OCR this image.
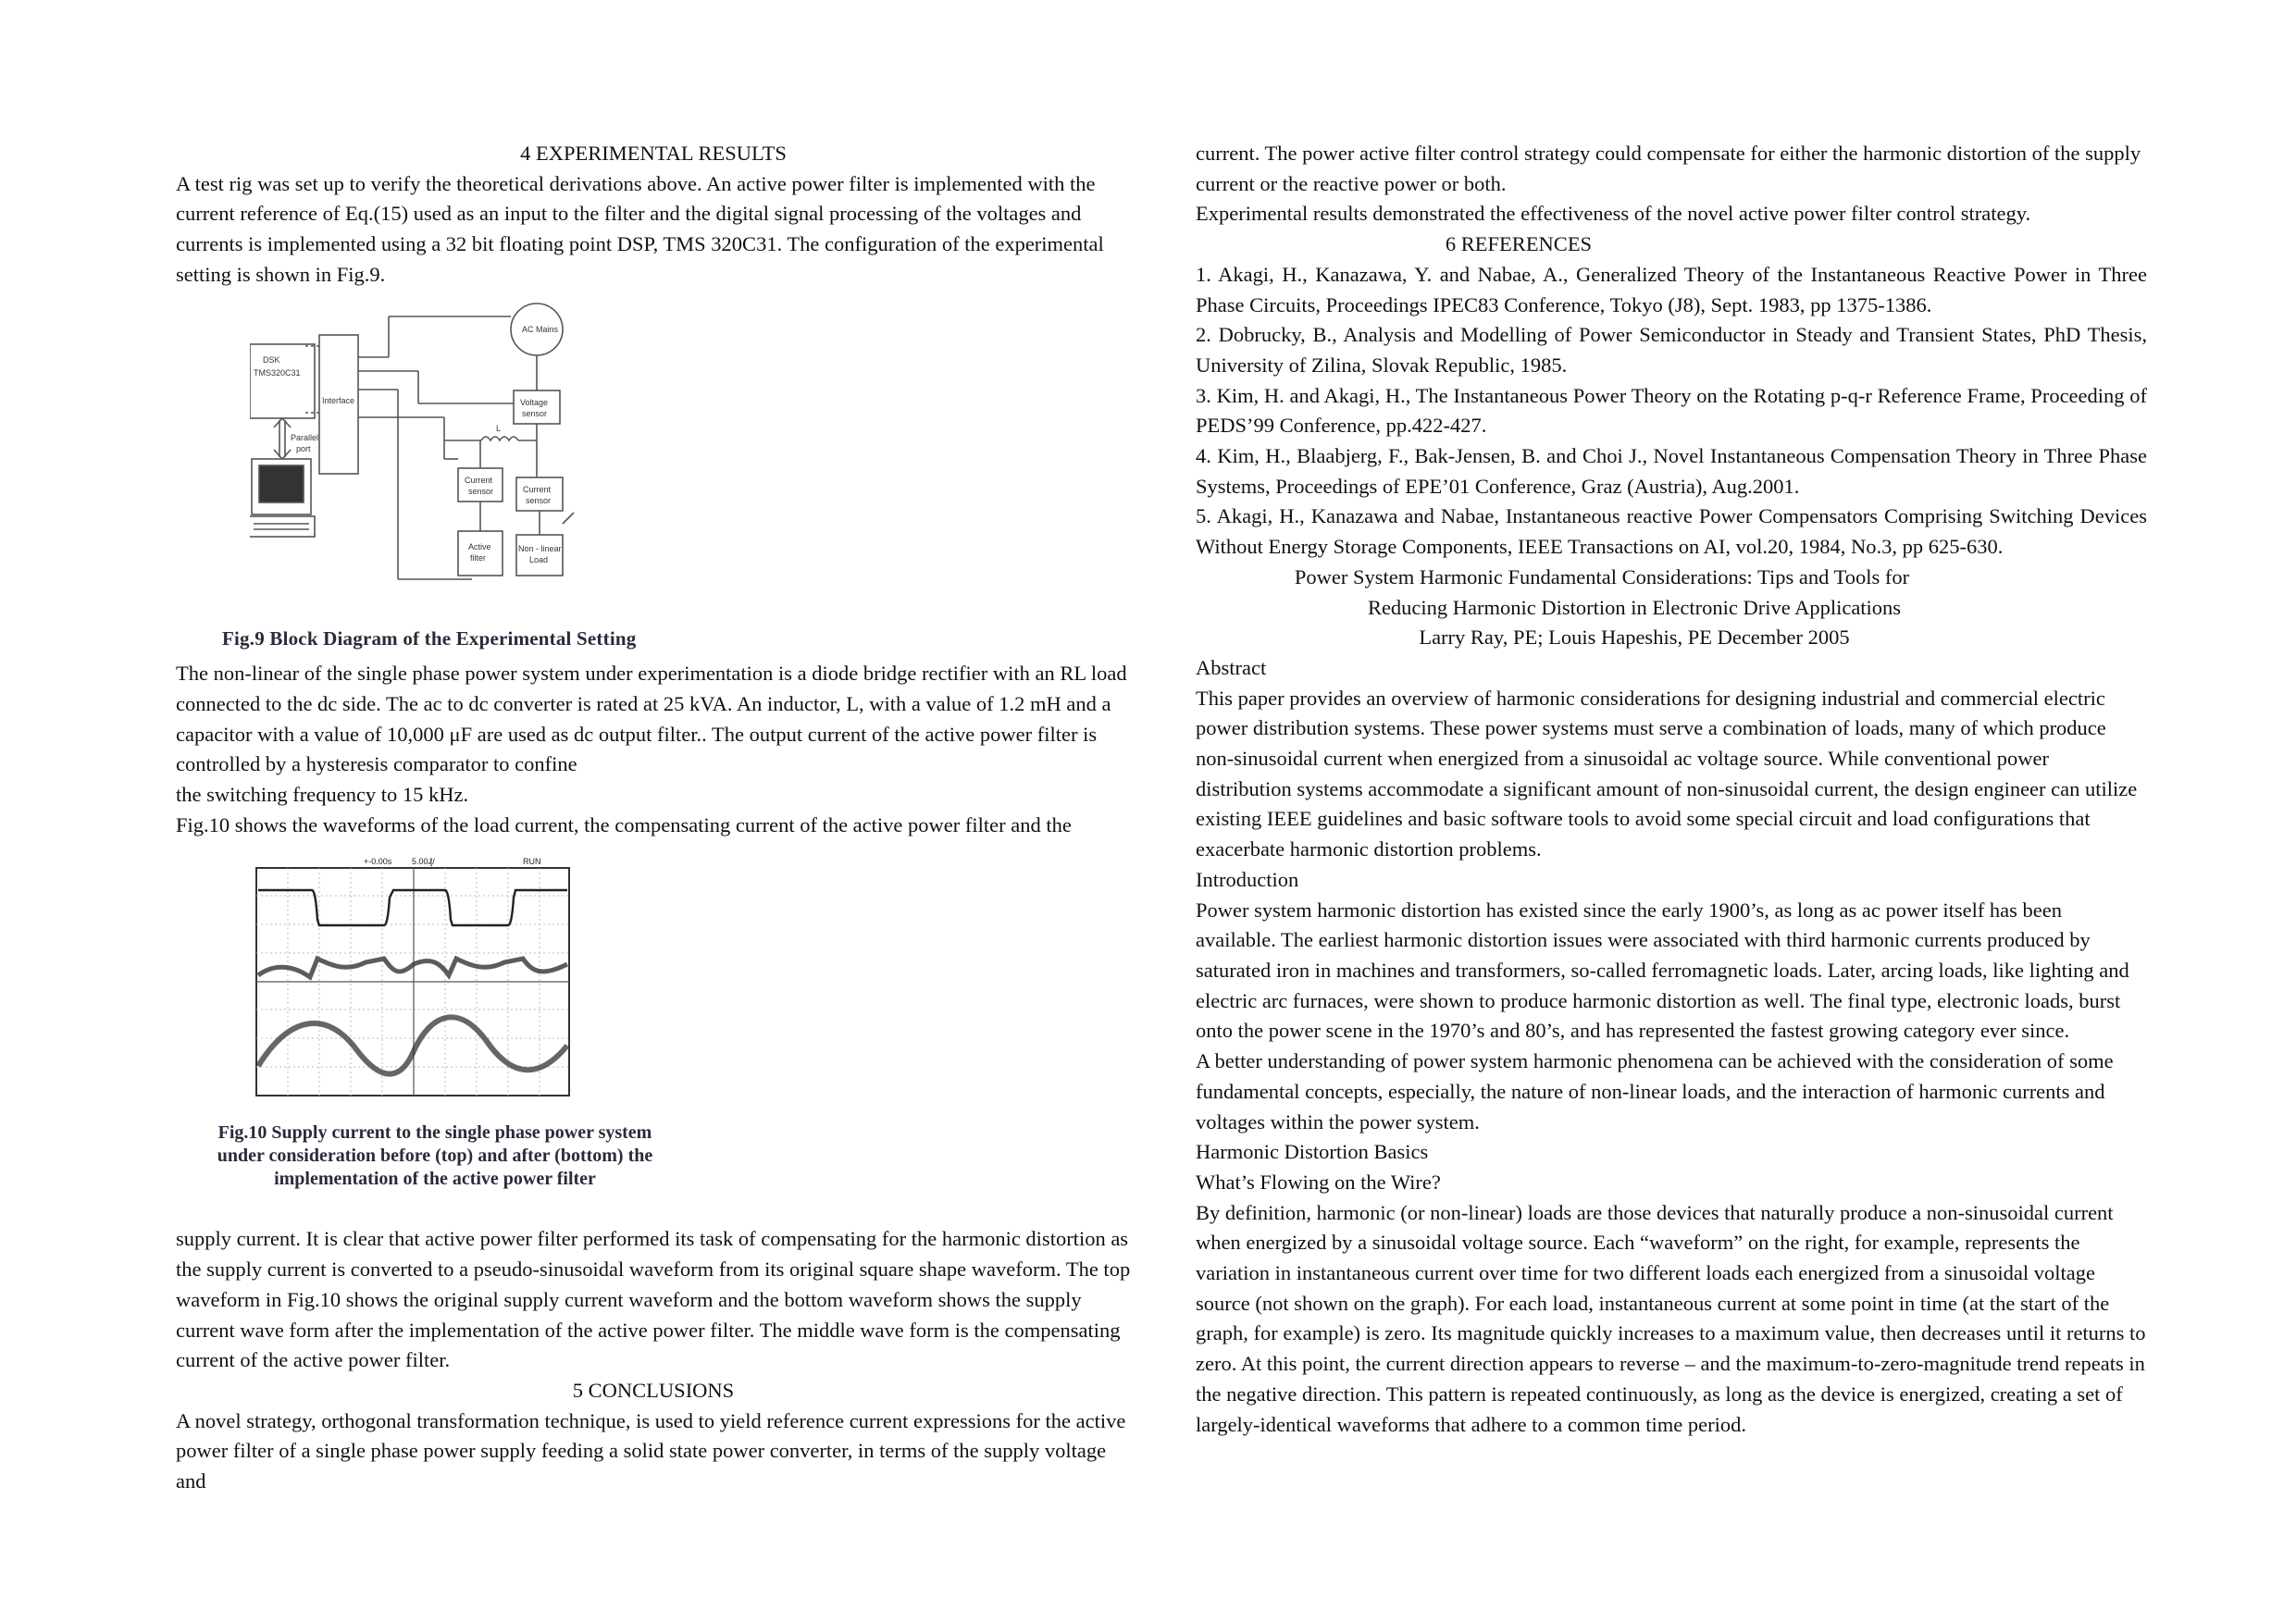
4 EXPERIMENTAL RESULTS

A test rig was set up to verify the theoretical derivations above. An active power filter is implemented with the current reference of Eq.(15) used as an input to the filter and the digital signal processing of the voltages and currents is implemented using a 32 bit floating point DSP, TMS 320C31. The configuration of the experimental setting is shown in Fig.9.

DSK
TMS320C31
Parallel
port
Interface
AC Mains
Voltage
sensor
L
Current
sensor	Current
sensor
Active
filter
Non - linear
Load
Fig.9 Block Diagram of the Experimental Setting

The non-linear of the single phase power system under experimentation is a diode bridge rectifier with an RL load connected to the dc side. The ac to dc converter is rated at 25 kVA. An inductor, L, with a value of 1.2 mH and a capacitor with a value of 10,000 μF are used as dc output filter.. The output current of the active power filter is controlled by a hysteresis comparator to confine

the switching frequency to 15 kHz.

Fig.10 shows the waveforms of the load current, the compensating current of the active power filter and the

+-0.00s 5.00₰/	RUN
Fig.10 Supply current to the single phase power system
under consideration before (top) and after (bottom) the
implementation of the active power filter

supply current. It is clear that active power filter performed its task of compensating for the harmonic distortion as the supply current is converted to a pseudo-sinusoidal waveform from its original square shape waveform. The top waveform in Fig.10 shows the original supply current waveform and the bottom waveform shows the supply current wave form after the implementation of the active power filter. The middle wave form is the compensating current of the active power filter.

5 CONCLUSIONS

A novel strategy, orthogonal transformation technique, is used to yield reference current expressions for the active power filter of a single phase power supply feeding a solid state power converter, in terms of the supply voltage and

current. The power active filter control strategy could compensate for either the harmonic distortion of the supply current or the reactive power or both.

Experimental results demonstrated the effectiveness of the novel active power filter control strategy.

6 REFERENCES

1. Akagi, H., Kanazawa, Y. and Nabae, A., Generalized Theory of the Instantaneous Reactive Power in Three Phase Circuits, Proceedings IPEC83 Conference, Tokyo (J8), Sept. 1983, pp 1375-1386.

2. Dobrucky, B., Analysis and Modelling of Power Semiconductor in Steady and Transient States, PhD Thesis, University of Zilina, Slovak Republic, 1985.

3. Kim, H. and Akagi, H., The Instantaneous Power Theory on the Rotating p-q-r Reference Frame, Proceeding of PEDS’99 Conference, pp.422-427.

4. Kim, H., Blaabjerg, F., Bak-Jensen, B. and Choi J., Novel Instantaneous Compensation Theory in Three Phase Systems, Proceedings of EPE’01 Conference, Graz (Austria), Aug.2001.

5. Akagi, H., Kanazawa and Nabae, Instantaneous reactive Power Compensators Comprising Switching Devices Without Energy Storage Components, IEEE Transactions on AI, vol.20, 1984, No.3, pp 625-630.

Power System Harmonic Fundamental Considerations: Tips and Tools for

Reducing Harmonic Distortion in Electronic Drive Applications

Larry Ray, PE; Louis Hapeshis, PE December 2005

Abstract

This paper provides an overview of harmonic considerations for designing industrial and commercial electric power distribution systems. These power systems must serve a combination of loads, many of which produce non-sinusoidal current when energized from a sinusoidal ac voltage source. While conventional power distribution systems accommodate a significant amount of non-sinusoidal current, the design engineer can utilize existing IEEE guidelines and basic software tools to avoid some special circuit and load configurations that exacerbate harmonic distortion problems.

Introduction

Power system harmonic distortion has existed since the early 1900’s, as long as ac power itself has been available. The earliest harmonic distortion issues were associated with third harmonic currents produced by saturated iron in machines and transformers, so-called ferromagnetic loads. Later, arcing loads, like lighting and electric arc furnaces, were shown to produce harmonic distortion as well. The final type, electronic loads, burst onto the power scene in the 1970’s and 80’s, and has represented the fastest growing category ever since.

A better understanding of power system harmonic phenomena can be achieved with the consideration of some fundamental concepts, especially, the nature of non-linear loads, and the interaction of harmonic currents and voltages within the power system.

Harmonic Distortion Basics

What’s Flowing on the Wire?

By definition, harmonic (or non-linear) loads are those devices that naturally produce a non-sinusoidal current when energized by a sinusoidal voltage source. Each “waveform” on the right, for example, represents the variation in instantaneous current over time for two different loads each energized from a sinusoidal voltage source (not shown on the graph). For each load, instantaneous current at some point in time (at the start of the graph, for example) is zero. Its magnitude quickly increases to a maximum value, then decreases until it returns to zero. At this point, the current direction appears to reverse – and the maximum-to-zero-magnitude trend repeats in the negative direction. This pattern is repeated continuously, as long as the device is energized, creating a set of largely-identical waveforms that adhere to a common time period.
